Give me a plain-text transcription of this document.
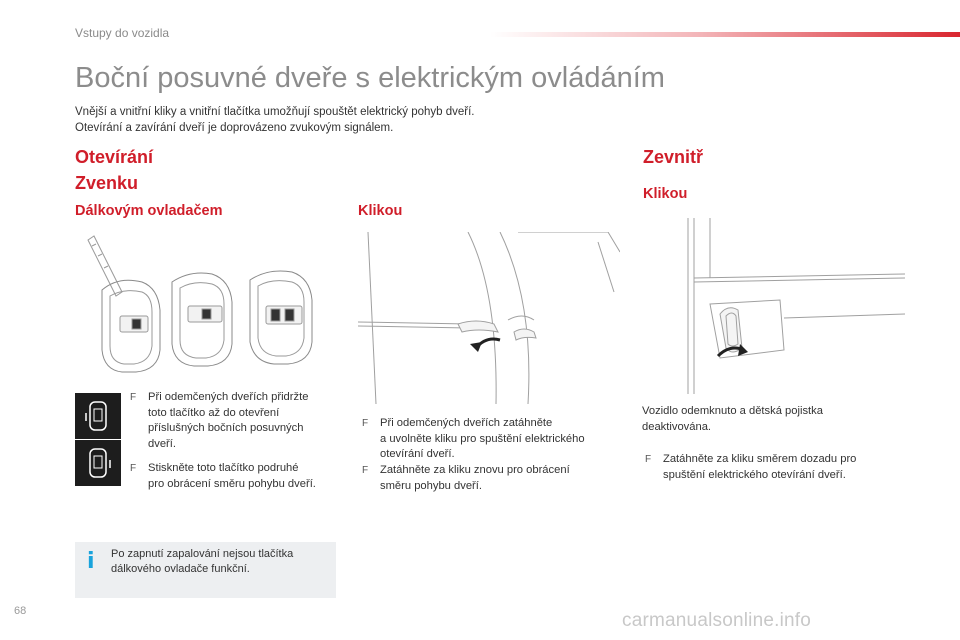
Vstupy do vozidla
Boční posuvné dveře s elektrickým ovládáním
Vnější a vnitřní kliky a vnitřní tlačítka umožňují spouštět elektrický pohyb dveří.
Otevírání a zavírání dveří je doprovázeno zvukovým signálem.
Otevírání
Zvenku
Dálkovým ovladačem
F	Při odemčených dveřích přidržte
toto tlačítko až do otevření
příslušných bočních posuvných
dveří.
F	Stiskněte toto tlačítko podruhé
pro obrácení směru pohybu dveří.
i Po zapnutí zapalování nejsou tlačítka
dálkového ovladače funkční.
Klikou
F	Při odemčených dveřích zatáhněte
a uvolněte kliku pro spuštění elektrického
otevírání dveří.
F	Zatáhněte za kliku znovu pro obrácení
směru pohybu dveří.
Zevnitř
Klikou
Vozidlo odemknuto a dětská pojistka
deaktivována.
F	Zatáhněte za kliku směrem dozadu pro
spuštění elektrického otevírání dveří.
68	carmanualsonline.info
